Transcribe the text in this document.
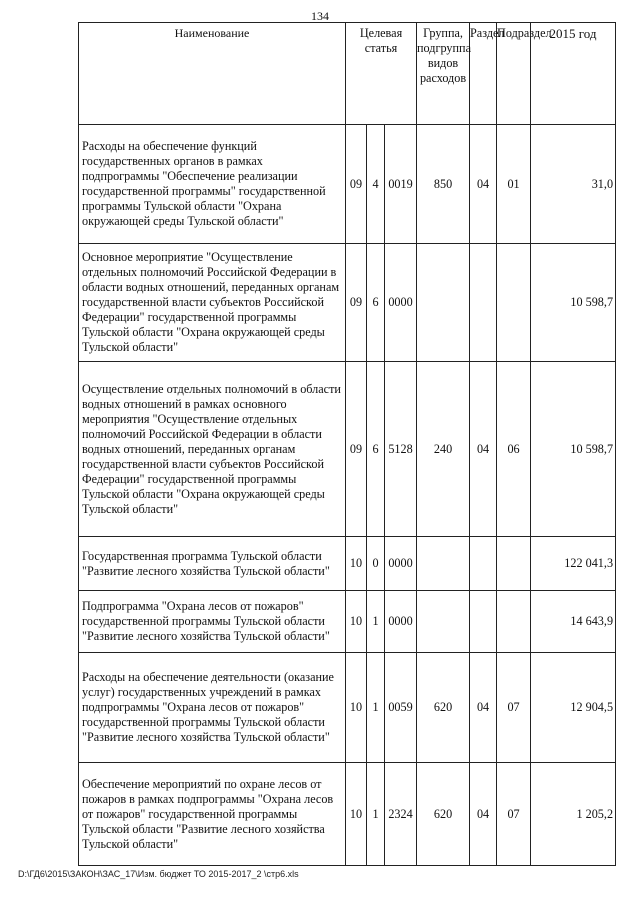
134
Наименование	Целевая статья			Группа, подгруппа видов расходов	Раздел	Подраздел	2015 год
Расходы на обеспечение функций государственных органов в рамках подпрограммы "Обеспечение реализации государственной программы" государственной программы Тульской области "Охрана окружающей среды Тульской области"	09	4	0019	850	04	01	31,0
Основное мероприятие "Осуществление отдельных полномочий Российской Федерации в области водных отношений, переданных органам государственной власти субъектов Российской Федерации" государственной программы Тульской области "Охрана окружающей среды Тульской области"	09	6	0000				10 598,7
Осуществление отдельных полномочий в области водных отношений в рамках основного мероприятия "Осуществление отдельных полномочий Российской Федерации в области водных отношений, переданных органам государственной власти субъектов Российской Федерации" государственной программы Тульской области "Охрана окружающей среды Тульской области"	09	6	5128	240	04	06	10 598,7
Государственная программа Тульской области "Развитие лесного хозяйства Тульской области"	10	0	0000				122 041,3
Подпрограмма "Охрана лесов от пожаров" государственной программы Тульской области "Развитие лесного хозяйства Тульской области"	10	1	0000				14 643,9
Расходы на обеспечение деятельности (оказание услуг) государственных учреждений в рамках подпрограммы "Охрана лесов от пожаров" государственной программы Тульской области "Развитие лесного хозяйства Тульской области"	10	1	0059	620	04	07	12 904,5
Обеспечение мероприятий по охране лесов от пожаров в рамках подпрограммы "Охрана лесов от пожаров" государственной программы Тульской области "Развитие лесного хозяйства Тульской области"	10	1	2324	620	04	07	1 205,2
D:\ГД6\2015\ЗАКОН\ЗАС_17\Изм. бюджет ТО 2015-2017_2 \стр6.xls
